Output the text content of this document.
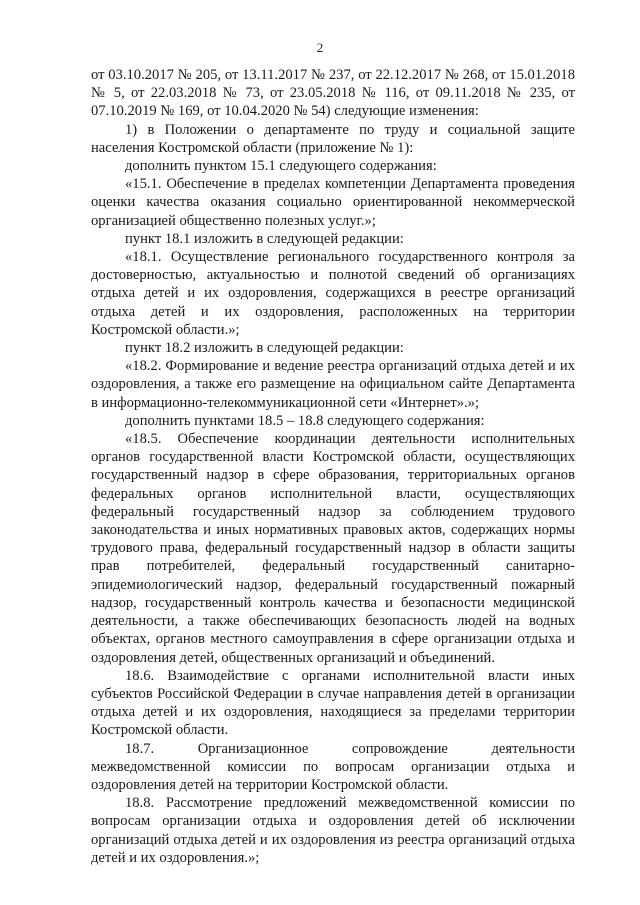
2

от 03.10.2017 № 205, от 13.11.2017 № 237, от 22.12.2017 № 268, от 15.01.2018 № 5, от 22.03.2018 № 73, от 23.05.2018 № 116, от 09.11.2018 № 235, от 07.10.2019 № 169, от 10.04.2020 № 54) следующие изменения:

1) в Положении о департаменте по труду и социальной защите населения Костромской области (приложение № 1):

дополнить пунктом 15.1 следующего содержания:

«15.1. Обеспечение в пределах компетенции Департамента проведения оценки качества оказания социально ориентированной некоммерческой организацией общественно полезных услуг.»;

пункт 18.1 изложить в следующей редакции:

«18.1. Осуществление регионального государственного контроля за достоверностью, актуальностью и полнотой сведений об организациях отдыха детей и их оздоровления, содержащихся в реестре организаций отдыха детей и их оздоровления, расположенных на территории Костромской области.»;

пункт 18.2 изложить в следующей редакции:

«18.2. Формирование и ведение реестра организаций отдыха детей и их оздоровления, а также его размещение на официальном сайте Департамента в информационно-телекоммуникационной сети «Интернет».»;

дополнить пунктами 18.5 – 18.8 следующего содержания:

«18.5. Обеспечение координации деятельности исполнительных органов государственной власти Костромской области, осуществляющих государственный надзор в сфере образования, территориальных органов федеральных органов исполнительной власти, осуществляющих федеральный государственный надзор за соблюдением трудового законодательства и иных нормативных правовых актов, содержащих нормы трудового права, федеральный государственный надзор в области защиты прав потребителей, федеральный государственный санитарно-эпидемиологический надзор, федеральный государственный пожарный надзор, государственный контроль качества и безопасности медицинской деятельности, а также обеспечивающих безопасность людей на водных объектах, органов местного самоуправления в сфере организации отдыха и оздоровления детей, общественных организаций и объединений.

18.6. Взаимодействие с органами исполнительной власти иных субъектов Российской Федерации в случае направления детей в организации отдыха детей и их оздоровления, находящиеся за пределами территории Костромской области.

18.7. Организационное сопровождение деятельности межведомственной комиссии по вопросам организации отдыха и оздоровления детей на территории Костромской области.

18.8. Рассмотрение предложений межведомственной комиссии по вопросам организации отдыха и оздоровления детей об исключении организаций отдыха детей и их оздоровления из реестра организаций отдыха детей и их оздоровления.»;
